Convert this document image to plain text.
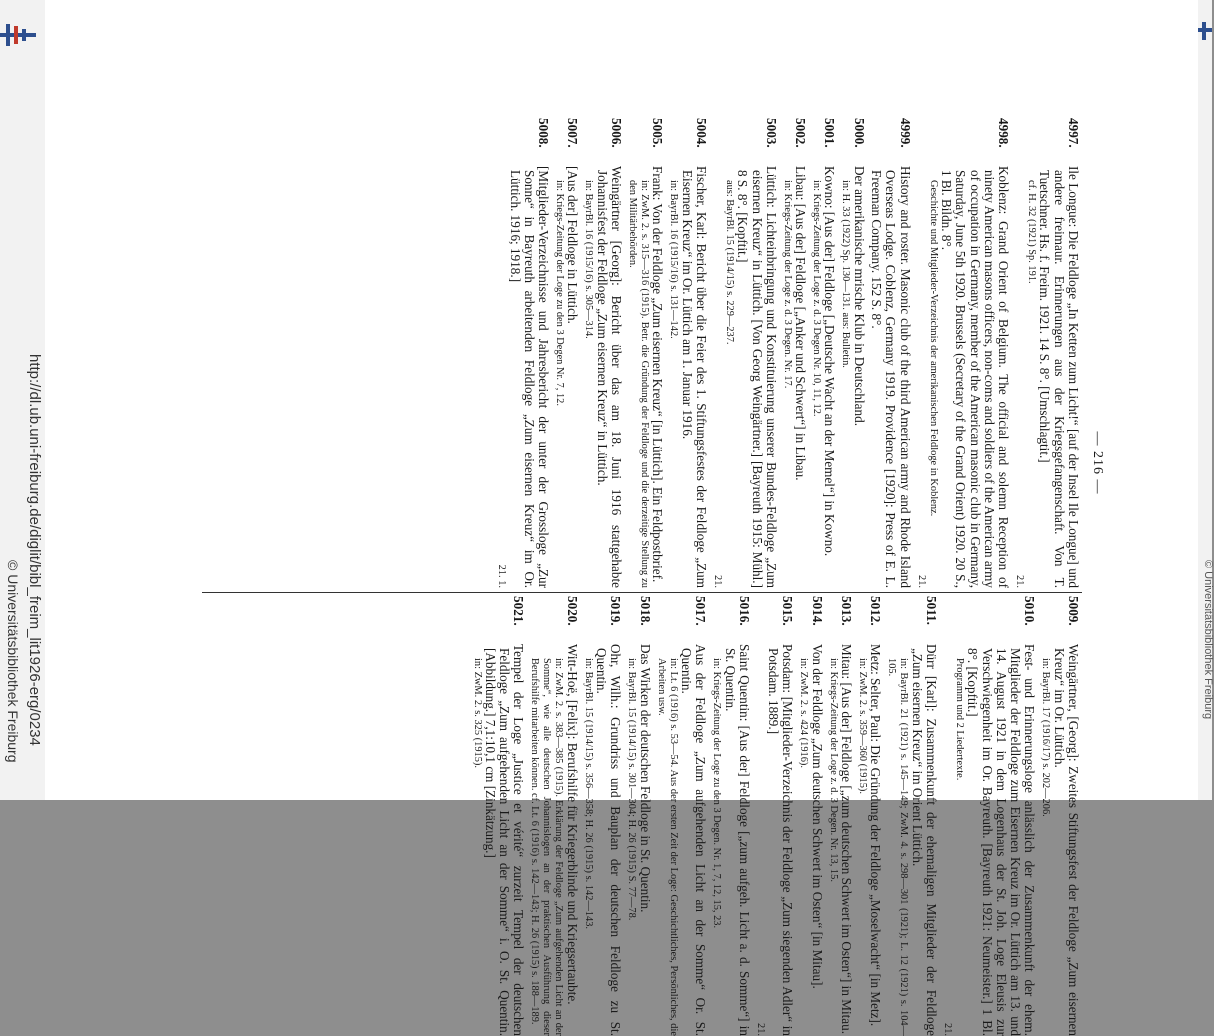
http://dl.ub.uni-freiburg.de/diglit/bibl_freim_lit1926-erg/0234
© Universitätsbibliothek Freiburg
— 216 —

4997.Ile Longue: Die Feldloge „In Ketten zum Licht!“ [auf der Insel Ile Longue] und andere freimaur. Erinnerungen aus der Kriegsgefangenschaft. Von T. Tuetschner. Hs. f. Freim. 1921. 14 S. 8°. [Umschlagtit.]
cf. H. 32 (1921) Sp. 191.
21.

4998.Koblenz: Grand Orient of Belgium. The official and solemn Reception of ninety American masons officers, non-coms and soldiers of the American army of occupation in Germany, member of the American masonic club in Germany, Saturday, June 5th 1920. Brussels (Secretary of the Grand Orient) 1920. 20 S., 1 Bl. Bildn. 8°.
Geschichte und Mitglieder-Verzeichnis der amerikanischen Feldloge in Koblenz.
21.

4999.History and roster. Masonic club of the third American army and Rhode Island Overseas Lodge. Coblenz, Germany 1919. Providence [1920]: Press of E. L. Freeman Company. 152 S. 8°.

5000.Der amerikanische mrische Klub in Deutschland.
in: H. 33 (1922) Sp. 130—131. aus: Bulletin.

5001.Kowno: [Aus der] Feldloge [„Deutsche Wacht an der Memel“] in Kowno.
in: Kriegs-Zeitung der Loge z. d. 3 Degen Nr. 10, 11, 12.

5002.Libau: [Aus der] Feldloge [„Anker und Schwert“] in Libau.
in: Kriegs-Zeitung der Loge z. d. 3 Degen. Nr. 17.

5003.Lüttich: Lichteinbringung und Konstituierung unserer Bundes-Feldloge „Zum eisernen Kreuz“ in Lüttich. [Von Georg Weingärtner.] [Bayreuth 1915: Mühl.] 8 S. 8°. [Kopftit.]
aus: BayrBl. 15 (1914/15) s. 229—237.
21.

5004.Fischer, Karl: Bericht über die Feier des 1. Stiftungsfestes der Feldloge „Zum Eisernen Kreuz“ im Or. Lüttich am 1. Januar 1916.
in: BayrBl. 16 (1915/16) s. 131—142.

5005.Frank: Von der Feldloge „Zum eisernen Kreuz“ [in Lüttich]. Ein Feldpostbrief.
in: ZwM. 2. s. 315—316 (1915). Betr. die Gründung der Feldloge und die derzeitige Stellung zu den Militärbehörden.

5006.Weingärtner [Georg]: Bericht über das am 18. Juni 1916 stattgehabte Johannisfest der Feldloge „Zum eisernen Kreuz“ in Lüttich.
in: BayrBl. 16 (1915/16) s. 305—314.

5007.[Aus der] Feldloge in Lüttich.
in: Kriegs-Zeitung der Loge zu den 3 Degen Nr. 7, 12.

5008.[Mitglieder-Verzeichnisse und Jahresbericht der unter der Grossloge „Zur Sonne“ in Bayreuth arbeitenden Feldloge „Zum eisernen Kreuz“ im Or. Lüttich. 1916; 1918.]
21. 1.

5009.Weingärtner, [Georg]: Zweites Stiftungsfest der Feldloge „Zum eisernen Kreuz“ im Or. Lüttich.
in: BayrBl. 17 (1916/17) s. 202—206.

5010.Fest- und Erinnerungsloge anlässlich der Zusammenkunft der ehem. Mitglieder der Feldloge zum Eisernen Kreuz im Or. Lüttich am 13. und 14. August 1921 in dem Logenhaus der St. Joh. Loge Eleusis zur Verschwiegenheit im Or. Bayreuth. [Bayreuth 1921: Neumeister.] 1 Bl. 8°. [Kopftit.]
Programm und 2 Liedertexte.
21.

5011.Dürr [Karl]: Zusammenkunft der ehemaligen Mitglieder der Feldloge „Zum eisernen Kreuz“ im Orient Lüttich.
in: BayrBl. 21 (1921) s. 145—149; ZwM. 4. s. 298—301 (1921); L. 12 (1921) s. 104—105.

5012.Metz: Selter, Paul: Die Gründung der Feldloge „Moselwacht“ [in Metz].
in: ZwM. 2. s. 359—360 (1915).

5013.Mitau: [Aus der] Feldloge [„zum deutschen Schwert im Osten“] in Mitau.
in: Kriegs-Zeitung der Loge z. d. 3 Degen. Nr. 13, 15.

5014.Von der Feldloge „Zum deutschen Schwert im Osten“ [in Mitau].
in: ZwM. 2. s. 424 (1916).

5015.Potsdam: [Mitglieder-Verzeichnis der Feldloge „Zum siegenden Adler“ in Potsdam. 1889.]
21.

5016.Saint Quentin: [Aus der] Feldloge [„zum aufgeh. Licht a. d. Somme“] in St. Quentin.
in: Kriegs-Zeitung der Loge zu den 3 Degen. Nr. 1, 7, 12, 15, 23.

5017.Aus der Feldloge „Zum aufgehenden Licht an der Somme“ Or. St. Quentin.
in: Lt. 6 (1916) s. 53—54. Aus der ersten Zeit der Loge: Geschichtliches, Persönliches, die Arbeiten usw.

5018.Das Wirken der deutschen Feldloge in St. Quentin.
in: BayrBl. 15 (1914/15) s. 301—304; H. 26 (1915) S. 77—78.

5019.Ohr, Wilh.: Grundriss und Bauplan der deutschen Feldloge zu St. Quentin.
in: BayrBl. 15 (1914/15) s. 356—358; H. 26 (1915) s. 142—143.

5020.Witt-Hoë, [Felix]: Berufshilfe für Kriegerblinde und Kriegsertaubte.
in: ZwM. 2. s. 383—385 (1915). Erklärung der Feldloge „Zum aufgehenden Licht an der Somme“, wie alle deutschen Johannislogen an der praktischen Ausführung dieser Berufshilfe mitarbeiten können. cf. Lt. 6 (1916) s. 142—143; H. 26 (1915) s. 188—189.

5021.Tempel der Loge „Justice et vérité“ zurzeit Tempel der deutschen Feldloge „Zum aufgehenden Licht an der Somme“ i. O. St. Quentin. [Abbildung.] 7,1:10,1 cm [Zinkätzung.]
in: ZwM. 2. s. 325 (1915).	© Universitätsbibliothek Freiburg
